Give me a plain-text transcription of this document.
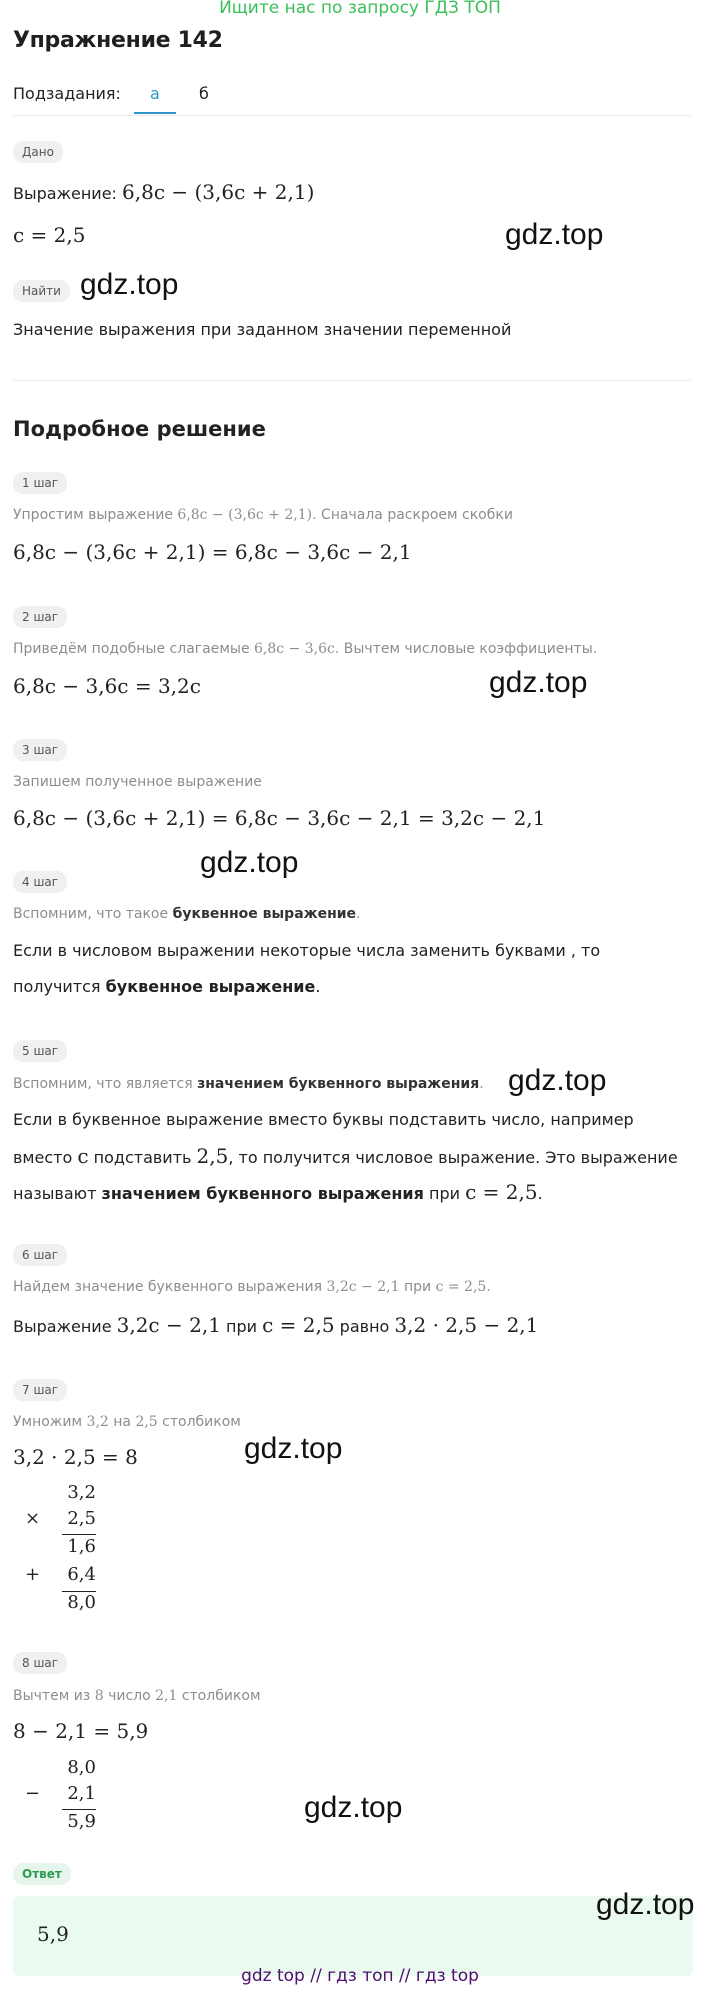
Ищите нас по запросу ГДЗ ТОП
Упражнение 142
Подзадания: а б
Дано
Выражение: 6,8c − (3,6c + 2,1)
c = 2,5
Найти
Значение выражения при заданном значении переменной
Подробное решение
1 шаг
Упростим выражение 6,8c − (3,6c + 2,1). Сначала раскроем скобки
6,8c − (3,6c + 2,1) = 6,8c − 3,6c − 2,1
2 шаг
Приведём подобные слагаемые 6,8c − 3,6c. Вычтем числовые коэффициенты.
6,8c − 3,6c = 3,2c
3 шаг
Запишем полученное выражение
6,8c − (3,6c + 2,1) = 6,8c − 3,6c − 2,1 = 3,2c − 2,1
4 шаг
Вспомним, что такое буквенное выражение.
Если в числовом выражении некоторые числа заменить буквами , то
получится буквенное выражение.
5 шаг
Вспомним, что является значением буквенного выражения.
Если в буквенное выражение вместо буквы подставить число, например
вместо c подставить 2,5, то получится числовое выражение. Это выражение
называют значением буквенного выражения при c = 2,5.
6 шаг
Найдем значение буквенного выражения 3,2c − 2,1 при c = 2,5.
Выражение 3,2c − 2,1 при c = 2,5 равно 3,2 · 2,5 − 2,1
7 шаг
Умножим 3,2 на 2,5 столбиком
3,2 · 2,5 = 8
×
+
3,2
2,5
1,6
6,4
8,0
8 шаг
Вычтем из 8 число 2,1 столбиком
8 − 2,1 = 5,9
−
8,0
2,1
5,9
Ответ
5,9
gdz.top
gdz.top
gdz.top
gdz.top
gdz.top
gdz.top
gdz.top
gdz.top
gdz top // гдз топ // гдз top
